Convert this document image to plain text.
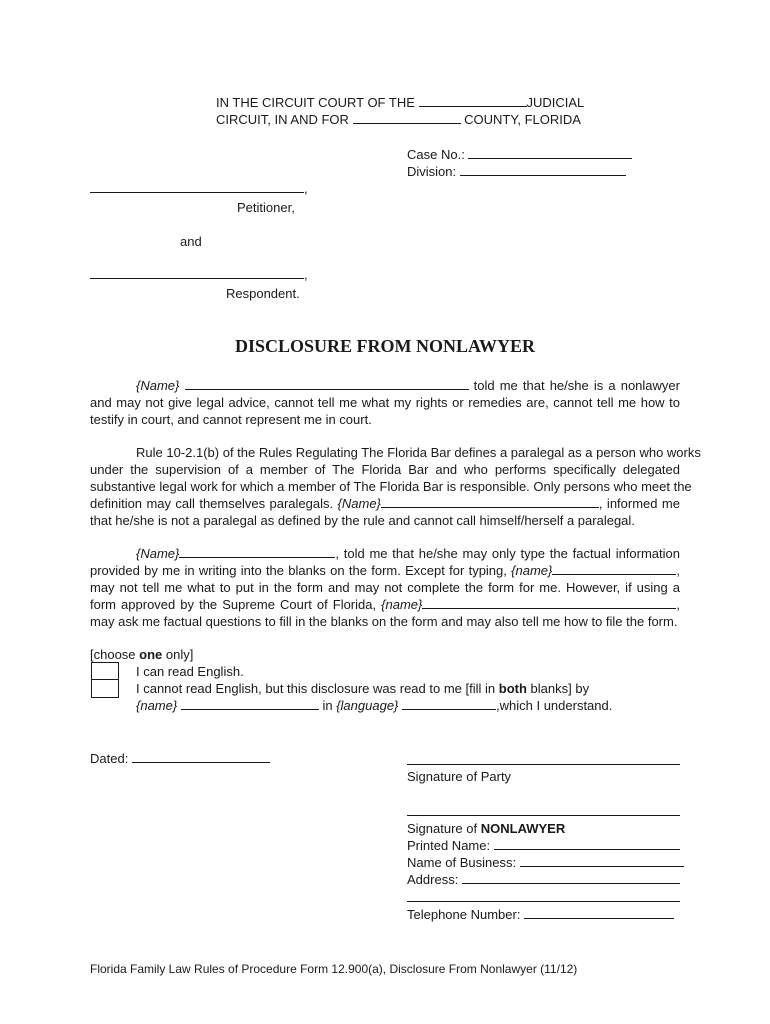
IN THE CIRCUIT COURT OF THE	JUDICIAL
CIRCUIT, IN AND FOR	COUNTY, FLORIDA
Case No.:
Division:
,
Petitioner,
and
,
Respondent.
DISCLOSURE FROM NONLAWYER
{Name}	told me that he/she is a nonlawyer
and may not give legal advice, cannot tell me what my rights or remedies are, cannot tell me how to
testify in court, and cannot represent me in court.
Rule 10-2.1(b) of the Rules Regulating The Florida Bar defines a paralegal as a person who works
under the supervision of a member of The Florida Bar and who performs specifically delegated
substantive legal work for which a member of The Florida Bar is responsible. Only persons who meet the
definition may call themselves paralegals. {Name}	, informed me
that he/she is not a paralegal as defined by the rule and cannot call himself/herself a paralegal.
{Name}	, told me that he/she may only type the factual information
provided by me in writing into the blanks on the form. Except for typing, {name}	,
may not tell me what to put in the form and may not complete the form for me. However, if using a
form approved by the Supreme Court of Florida, {name}	,
may ask me factual questions to fill in the blanks on the form and may also tell me how to file the form.
[choose one only]
I can read English.
I cannot read English, but this disclosure was read to me [fill in both blanks] by
{name}	in {language}	,which I understand.
Dated:
Signature of Party
Signature of NONLAWYER
Printed Name:
Name of Business:
Address:
Telephone Number:
Florida Family Law Rules of Procedure Form 12.900(a), Disclosure From Nonlawyer (11/12)
